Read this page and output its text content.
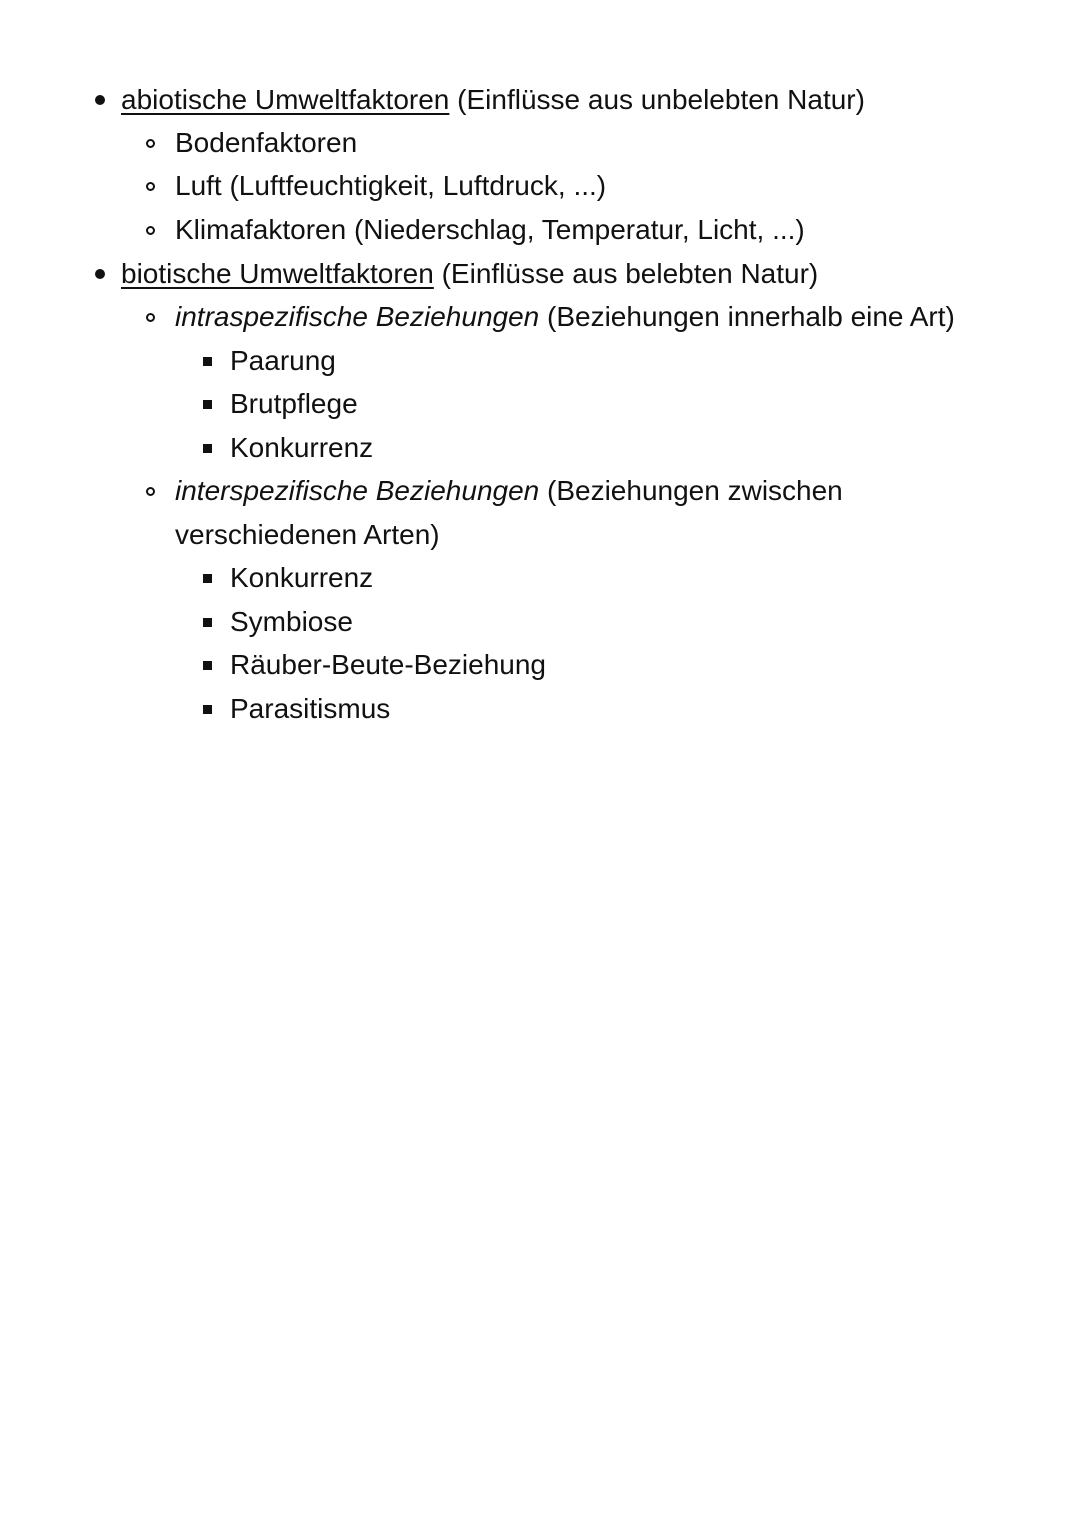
abiotische Umweltfaktoren (Einflüsse aus unbelebten Natur)
Bodenfaktoren
Luft (Luftfeuchtigkeit, Luftdruck, ...)
Klimafaktoren (Niederschlag, Temperatur, Licht, ...)
biotische Umweltfaktoren (Einflüsse aus belebten Natur)
intraspezifische Beziehungen (Beziehungen innerhalb eine Art)
Paarung
Brutpflege
Konkurrenz
interspezifische Beziehungen (Beziehungen zwischen
verschiedenen Arten)
Konkurrenz
Symbiose
Räuber-Beute-Beziehung
Parasitismus
